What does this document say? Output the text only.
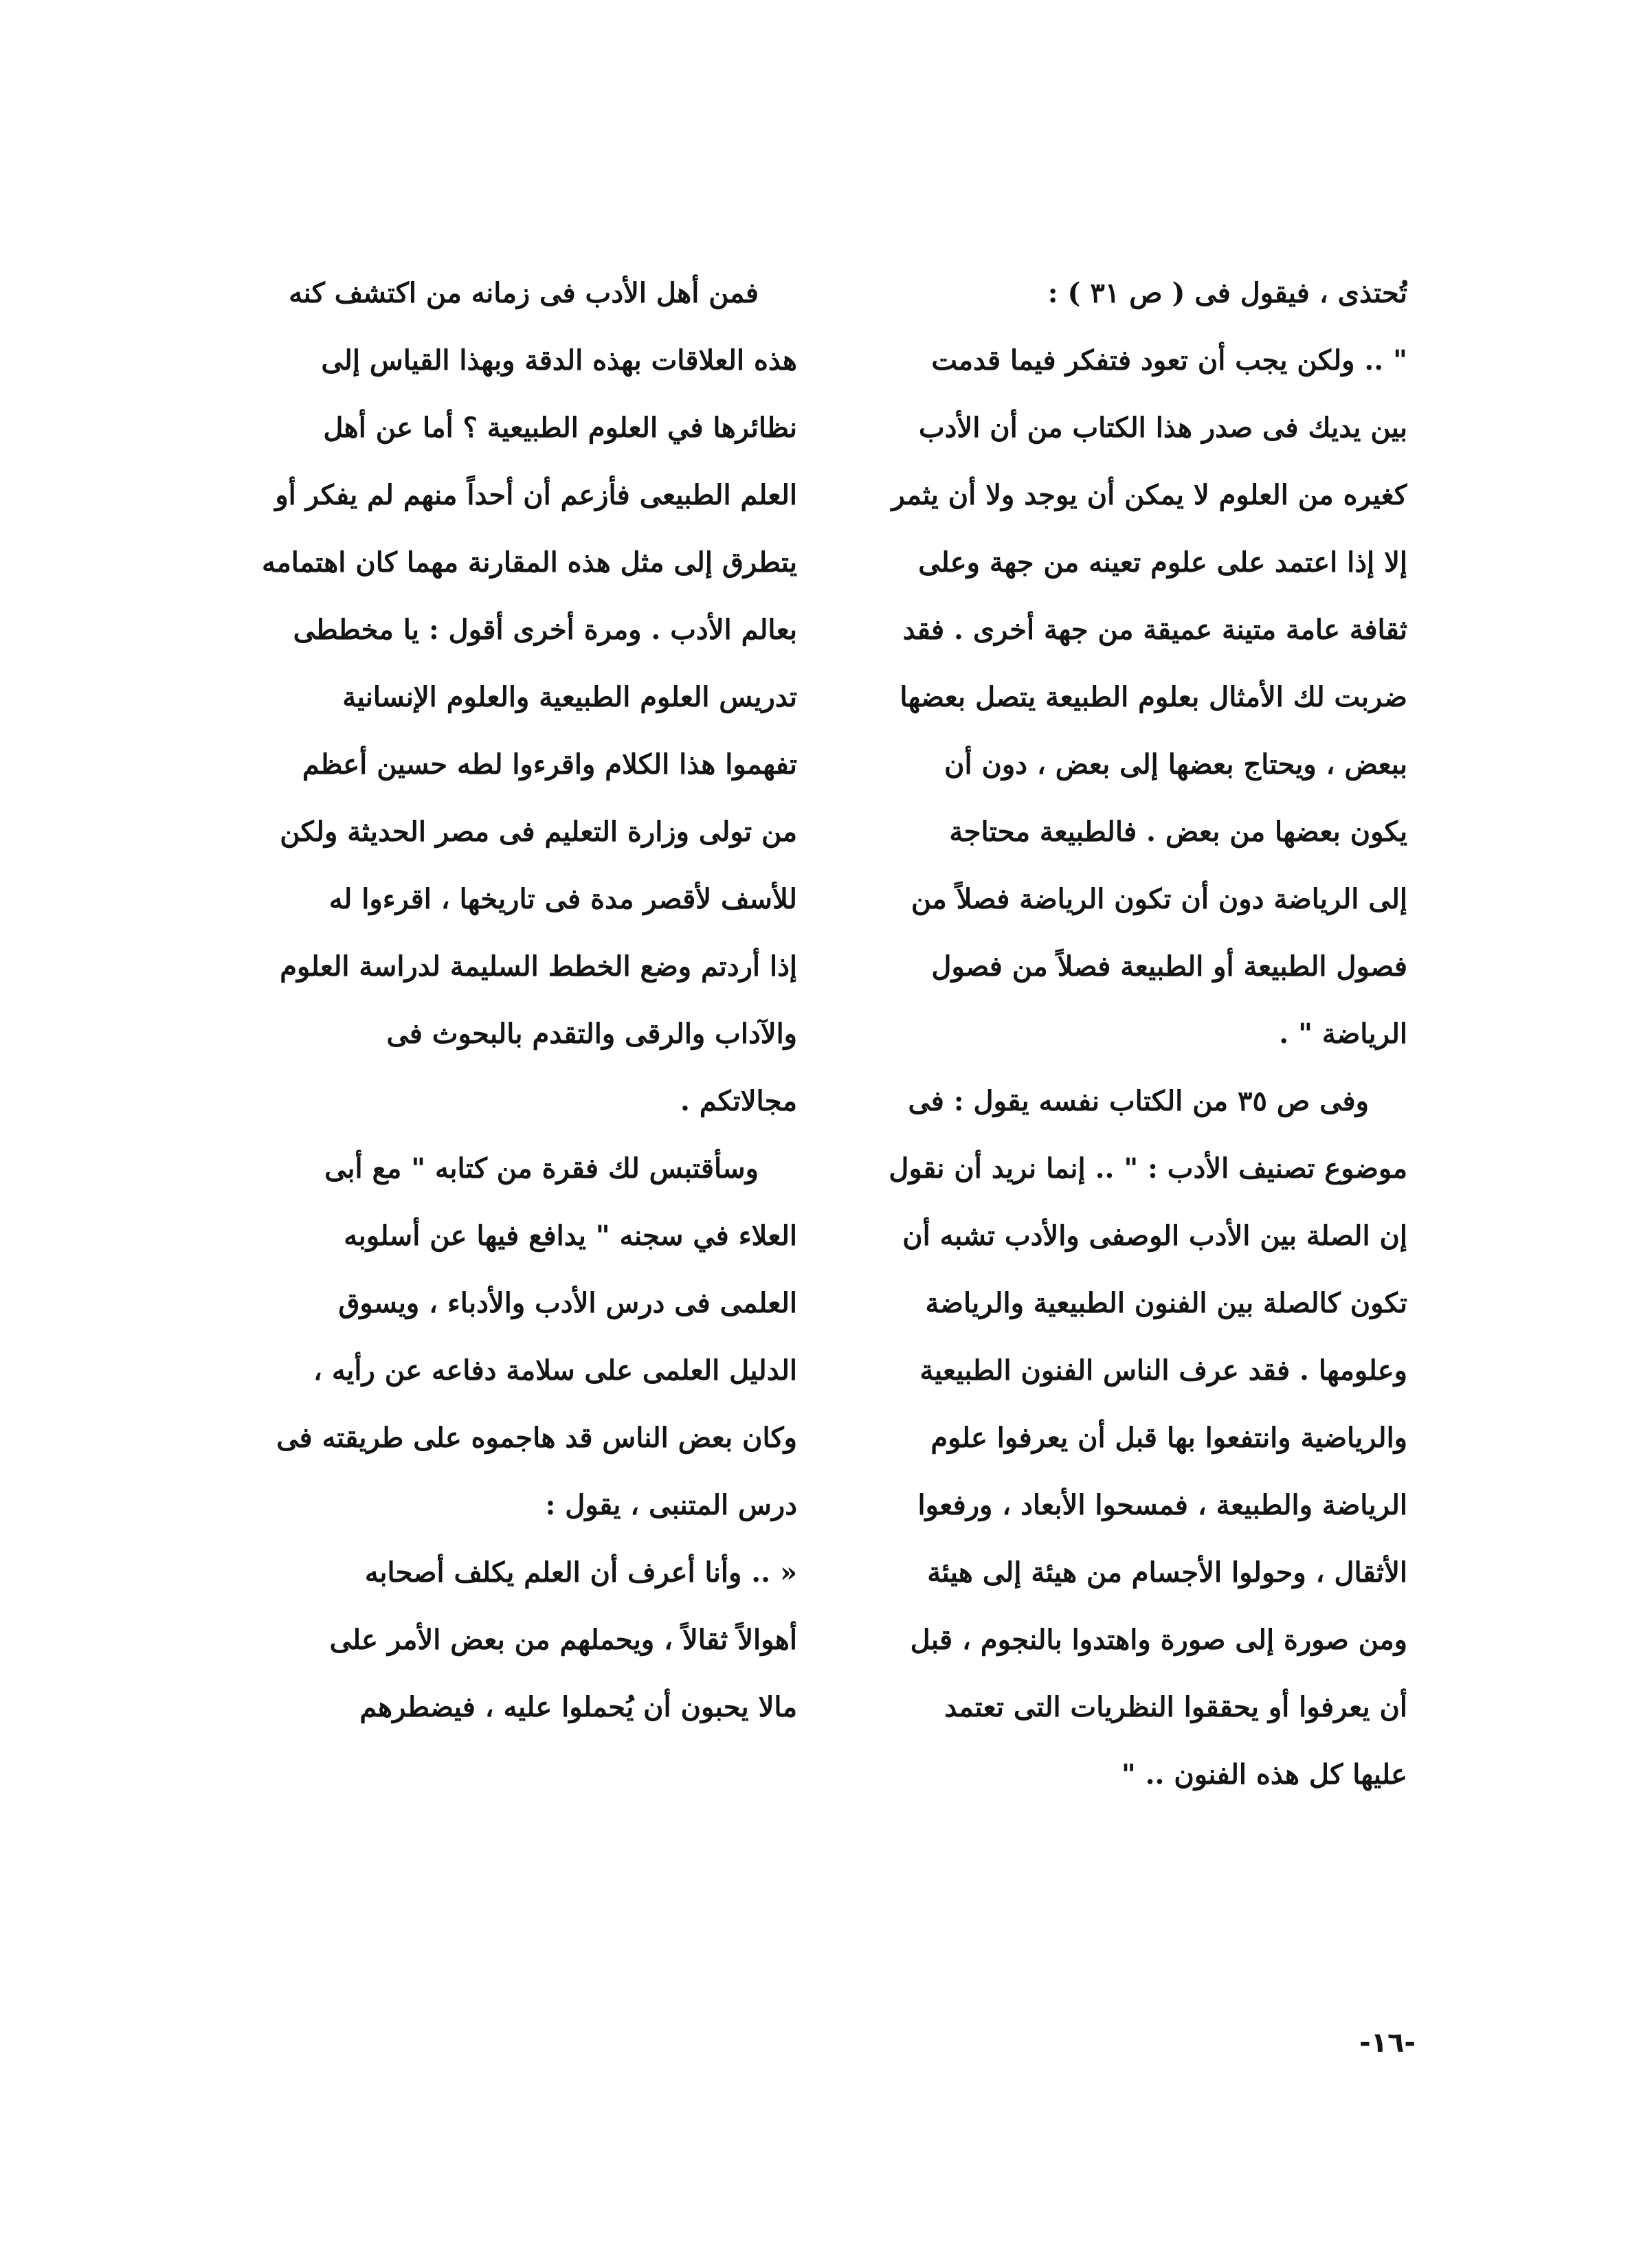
تُحتذى ، فيقول فى ( ص ٣١ ) :
" .. ولكن يجب أن تعود فتفكر فيما قدمت
بين يديك فى صدر هذا الكتاب من أن الأدب
كغيره من العلوم لا يمكن أن يوجد ولا أن يثمر
إلا إذا اعتمد على علوم تعينه من جهة وعلى
ثقافة عامة متينة عميقة من جهة أخرى . فقد
ضربت لك الأمثال بعلوم الطبيعة يتصل بعضها
ببعض ، ويحتاج بعضها إلى بعض ، دون أن
يكون بعضها من بعض . فالطبيعة محتاجة
إلى الرياضة دون أن تكون الرياضة فصلاً من
فصول الطبيعة أو الطبيعة فصلاً من فصول
الرياضة " .
وفى ص ٣٥ من الكتاب نفسه يقول : فى
موضوع تصنيف الأدب : " .. إنما نريد أن نقول
إن الصلة بين الأدب الوصفى والأدب تشبه أن
تكون كالصلة بين الفنون الطبيعية والرياضة
وعلومها . فقد عرف الناس الفنون الطبيعية
والرياضية وانتفعوا بها قبل أن يعرفوا علوم
الرياضة والطبيعة ، فمسحوا الأبعاد ، ورفعوا
الأثقال ، وحولوا الأجسام من هيئة إلى هيئة
ومن صورة إلى صورة واهتدوا بالنجوم ، قبل
أن يعرفوا أو يحققوا النظريات التى تعتمد
عليها كل هذه الفنون .. "
فمن أهل الأدب فى زمانه من اكتشف كنه
هذه العلاقات بهذه الدقة وبهذا القياس إلى
نظائرها في العلوم الطبيعية ؟ أما عن أهل
العلم الطبيعى فأزعم أن أحداً منهم لم يفكر أو
يتطرق إلى مثل هذه المقارنة مهما كان اهتمامه
بعالم الأدب . ومرة أخرى أقول : يا مخططى
تدريس العلوم الطبيعية والعلوم الإنسانية
تفهموا هذا الكلام واقرءوا لطه حسين أعظم
من تولى وزارة التعليم فى مصر الحديثة ولكن
للأسف لأقصر مدة فى تاريخها ، اقرءوا له
إذا أردتم وضع الخطط السليمة لدراسة العلوم
والآداب والرقى والتقدم بالبحوث فى
مجالاتكم .
وسأقتبس لك فقرة من كتابه " مع أبى
العلاء في سجنه " يدافع فيها عن أسلوبه
العلمى فى درس الأدب والأدباء ، ويسوق
الدليل العلمى على سلامة دفاعه عن رأيه ،
وكان بعض الناس قد هاجموه على طريقته فى
درس المتنبى ، يقول :
« .. وأنا أعرف أن العلم يكلف أصحابه
أهوالاً ثقالاً ، ويحملهم من بعض الأمر على
مالا يحبون أن يُحملوا عليه ، فيضطرهم
-١٦-
